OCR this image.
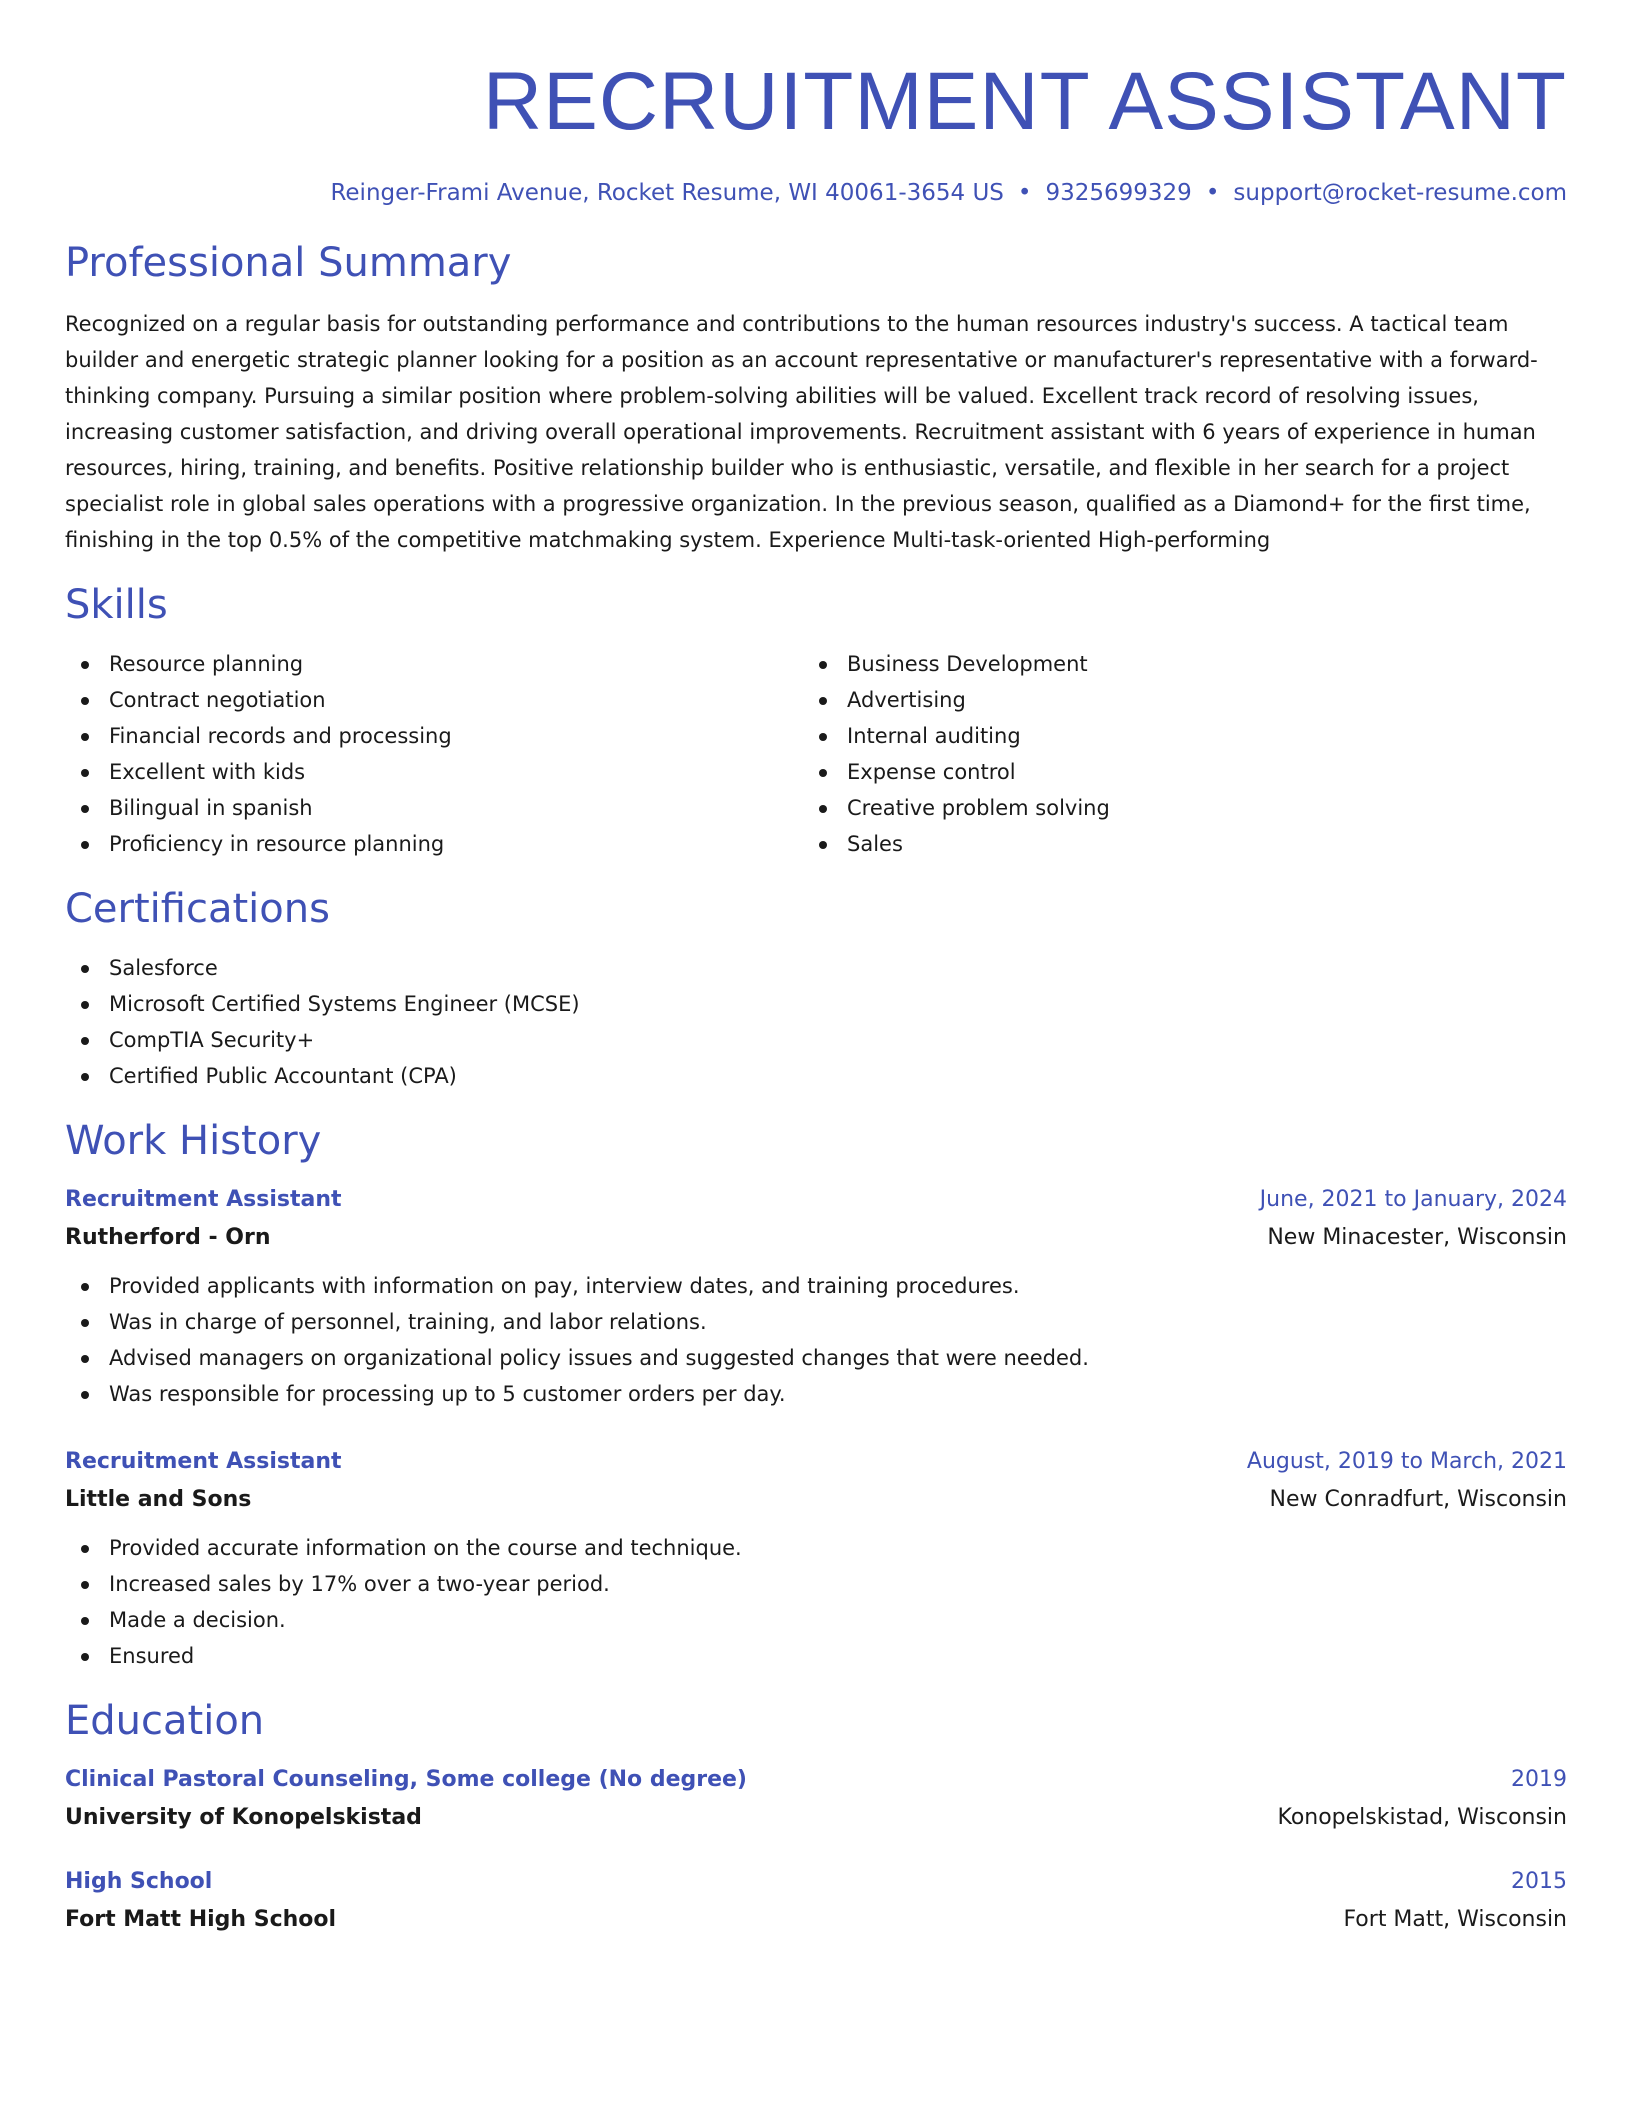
RECRUITMENT ASSISTANT
Reinger-Frami Avenue, Rocket Resume, WI 40061-3654 US • 9325699329 • support@rocket-resume.com
Professional Summary

Recognized on a regular basis for outstanding performance and contributions to the human resources industry's success. A tactical team builder and energetic strategic planner looking for a position as an account representative or manufacturer's representative with a forward-thinking company. Pursuing a similar position where problem-solving abilities will be valued. Excellent track record of resolving issues, increasing customer satisfaction, and driving overall operational improvements. Recruitment assistant with 6 years of experience in human resources, hiring, training, and benefits. Positive relationship builder who is enthusiastic, versatile, and flexible in her search for a project specialist role in global sales operations with a progressive organization. In the previous season, qualified as a Diamond+ for the first time, finishing in the top 0.5% of the competitive matchmaking system. Experience Multi-task-oriented High-performing

Skills
Resource planning
Contract negotiation
Financial records and processing
Excellent with kids
Bilingual in spanish
Proficiency in resource planning
Business Development
Advertising
Internal auditing
Expense control
Creative problem solving
Sales
Certifications
Salesforce
Microsoft Certified Systems Engineer (MCSE)
CompTIA Security+
Certified Public Accountant (CPA)
Work History
Recruitment Assistant	June, 2021 to January, 2024
Rutherford - Orn	New Minacester, Wisconsin
Provided applicants with information on pay, interview dates, and training procedures.
Was in charge of personnel, training, and labor relations.
Advised managers on organizational policy issues and suggested changes that were needed.
Was responsible for processing up to 5 customer orders per day.
Recruitment Assistant	August, 2019 to March, 2021
Little and Sons	New Conradfurt, Wisconsin
Provided accurate information on the course and technique.
Increased sales by 17% over a two-year period.
Made a decision.
Ensured
Education
Clinical Pastoral Counseling, Some college (No degree)	2019
University of Konopelskistad	Konopelskistad, Wisconsin
High School	2015
Fort Matt High School	Fort Matt, Wisconsin
